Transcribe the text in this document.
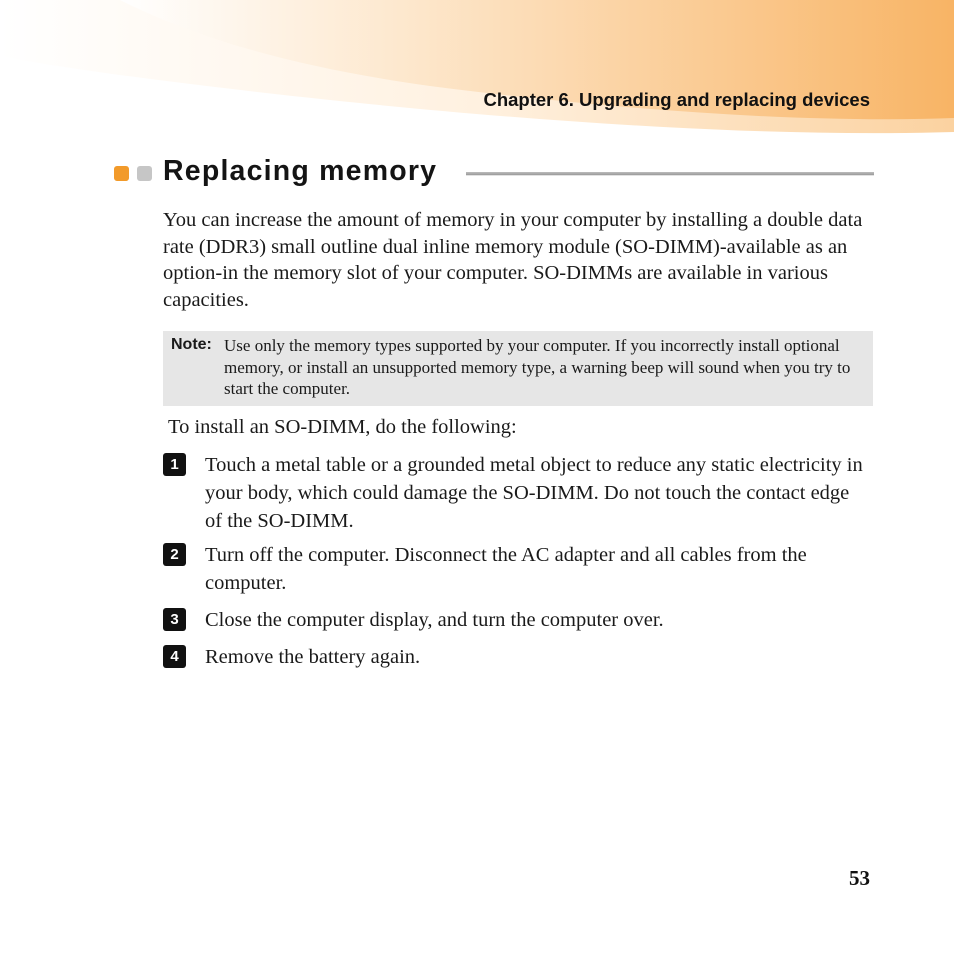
Chapter 6. Upgrading and replacing devices
Replacing memory

You can increase the amount of memory in your computer by installing a double data rate (DDR3) small outline dual inline memory module (SO-DIMM)-available as an option-in the memory slot of your computer. SO-DIMMs are available in various capacities.

Note: Use only the memory types supported by your computer. If you incorrectly install optional memory, or install an unsupported memory type, a warning beep will sound when you try to start the computer.

To install an SO-DIMM, do the following:

1	Touch a metal table or a grounded metal object to reduce any static electricity in your body, which could damage the SO-DIMM. Do not touch the contact edge of the SO-DIMM.

2	Turn off the computer. Disconnect the AC adapter and all cables from the computer.

3	Close the computer display, and turn the computer over.

4	Remove the battery again.

53
